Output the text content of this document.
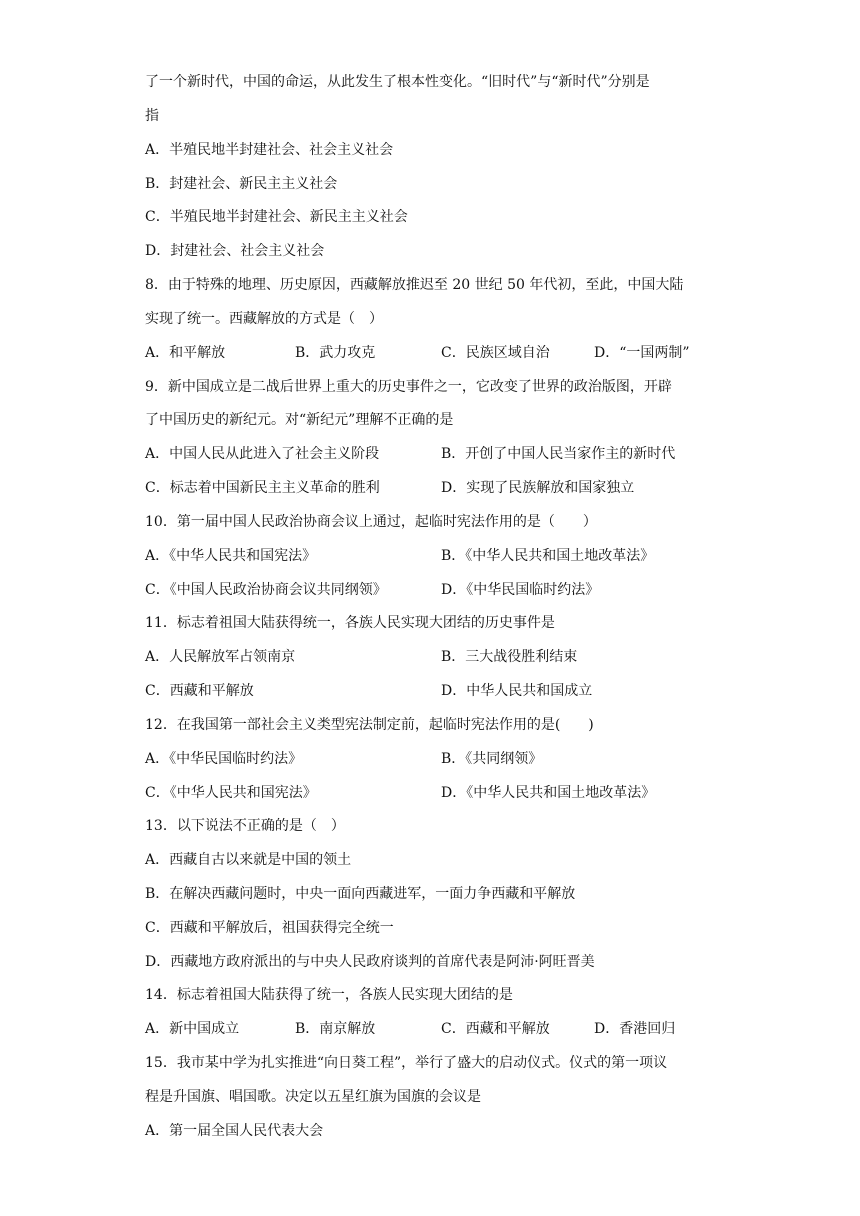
了一个新时代，中国的命运，从此发生了根本性变化。“旧时代”与“新时代”分别是
指
A．半殖民地半封建社会、社会主义社会
B．封建社会、新民主主义社会
C．半殖民地半封建社会、新民主主义社会
D．封建社会、社会主义社会
8．由于特殊的地理、历史原因，西藏解放推迟至 20 世纪 50 年代初，至此，中国大陆
实现了统一。西藏解放的方式是（　）
A．和平解放	B．武力攻克	C．民族区域自治	D．“一国两制”
9．新中国成立是二战后世界上重大的历史事件之一，它改变了世界的政治版图，开辟
了中国历史的新纪元。对“新纪元”理解不正确的是
A．中国人民从此进入了社会主义阶段	B．开创了中国人民当家作主的新时代
C．标志着中国新民主主义革命的胜利	D．实现了民族解放和国家独立
10．第一届中国人民政治协商会议上通过，起临时宪法作用的是（　　）
A．《中华人民共和国宪法》	B．《中华人民共和国土地改革法》
C．《中国人民政治协商会议共同纲领》	D．《中华民国临时约法》
11．标志着祖国大陆获得统一，各族人民实现大团结的历史事件是
A．人民解放军占领南京	B．三大战役胜利结束
C．西藏和平解放	D．中华人民共和国成立
12．在我国第一部社会主义类型宪法制定前，起临时宪法作用的是(　　)
A．《中华民国临时约法》	B．《共同纲领》
C．《中华人民共和国宪法》	D．《中华人民共和国土地改革法》
13．以下说法不正确的是（　）
A．西藏自古以来就是中国的领土
B．在解决西藏问题时，中央一面向西藏进军，一面力争西藏和平解放
C．西藏和平解放后，祖国获得完全统一
D．西藏地方政府派出的与中央人民政府谈判的首席代表是阿沛·阿旺晋美
14．标志着祖国大陆获得了统一，各族人民实现大团结的是
A．新中国成立	B．南京解放	C．西藏和平解放	D．香港回归
15．我市某中学为扎实推进“向日葵工程”，举行了盛大的启动仪式。仪式的第一项议
程是升国旗、唱国歌。决定以五星红旗为国旗的会议是
A．第一届全国人民代表大会
